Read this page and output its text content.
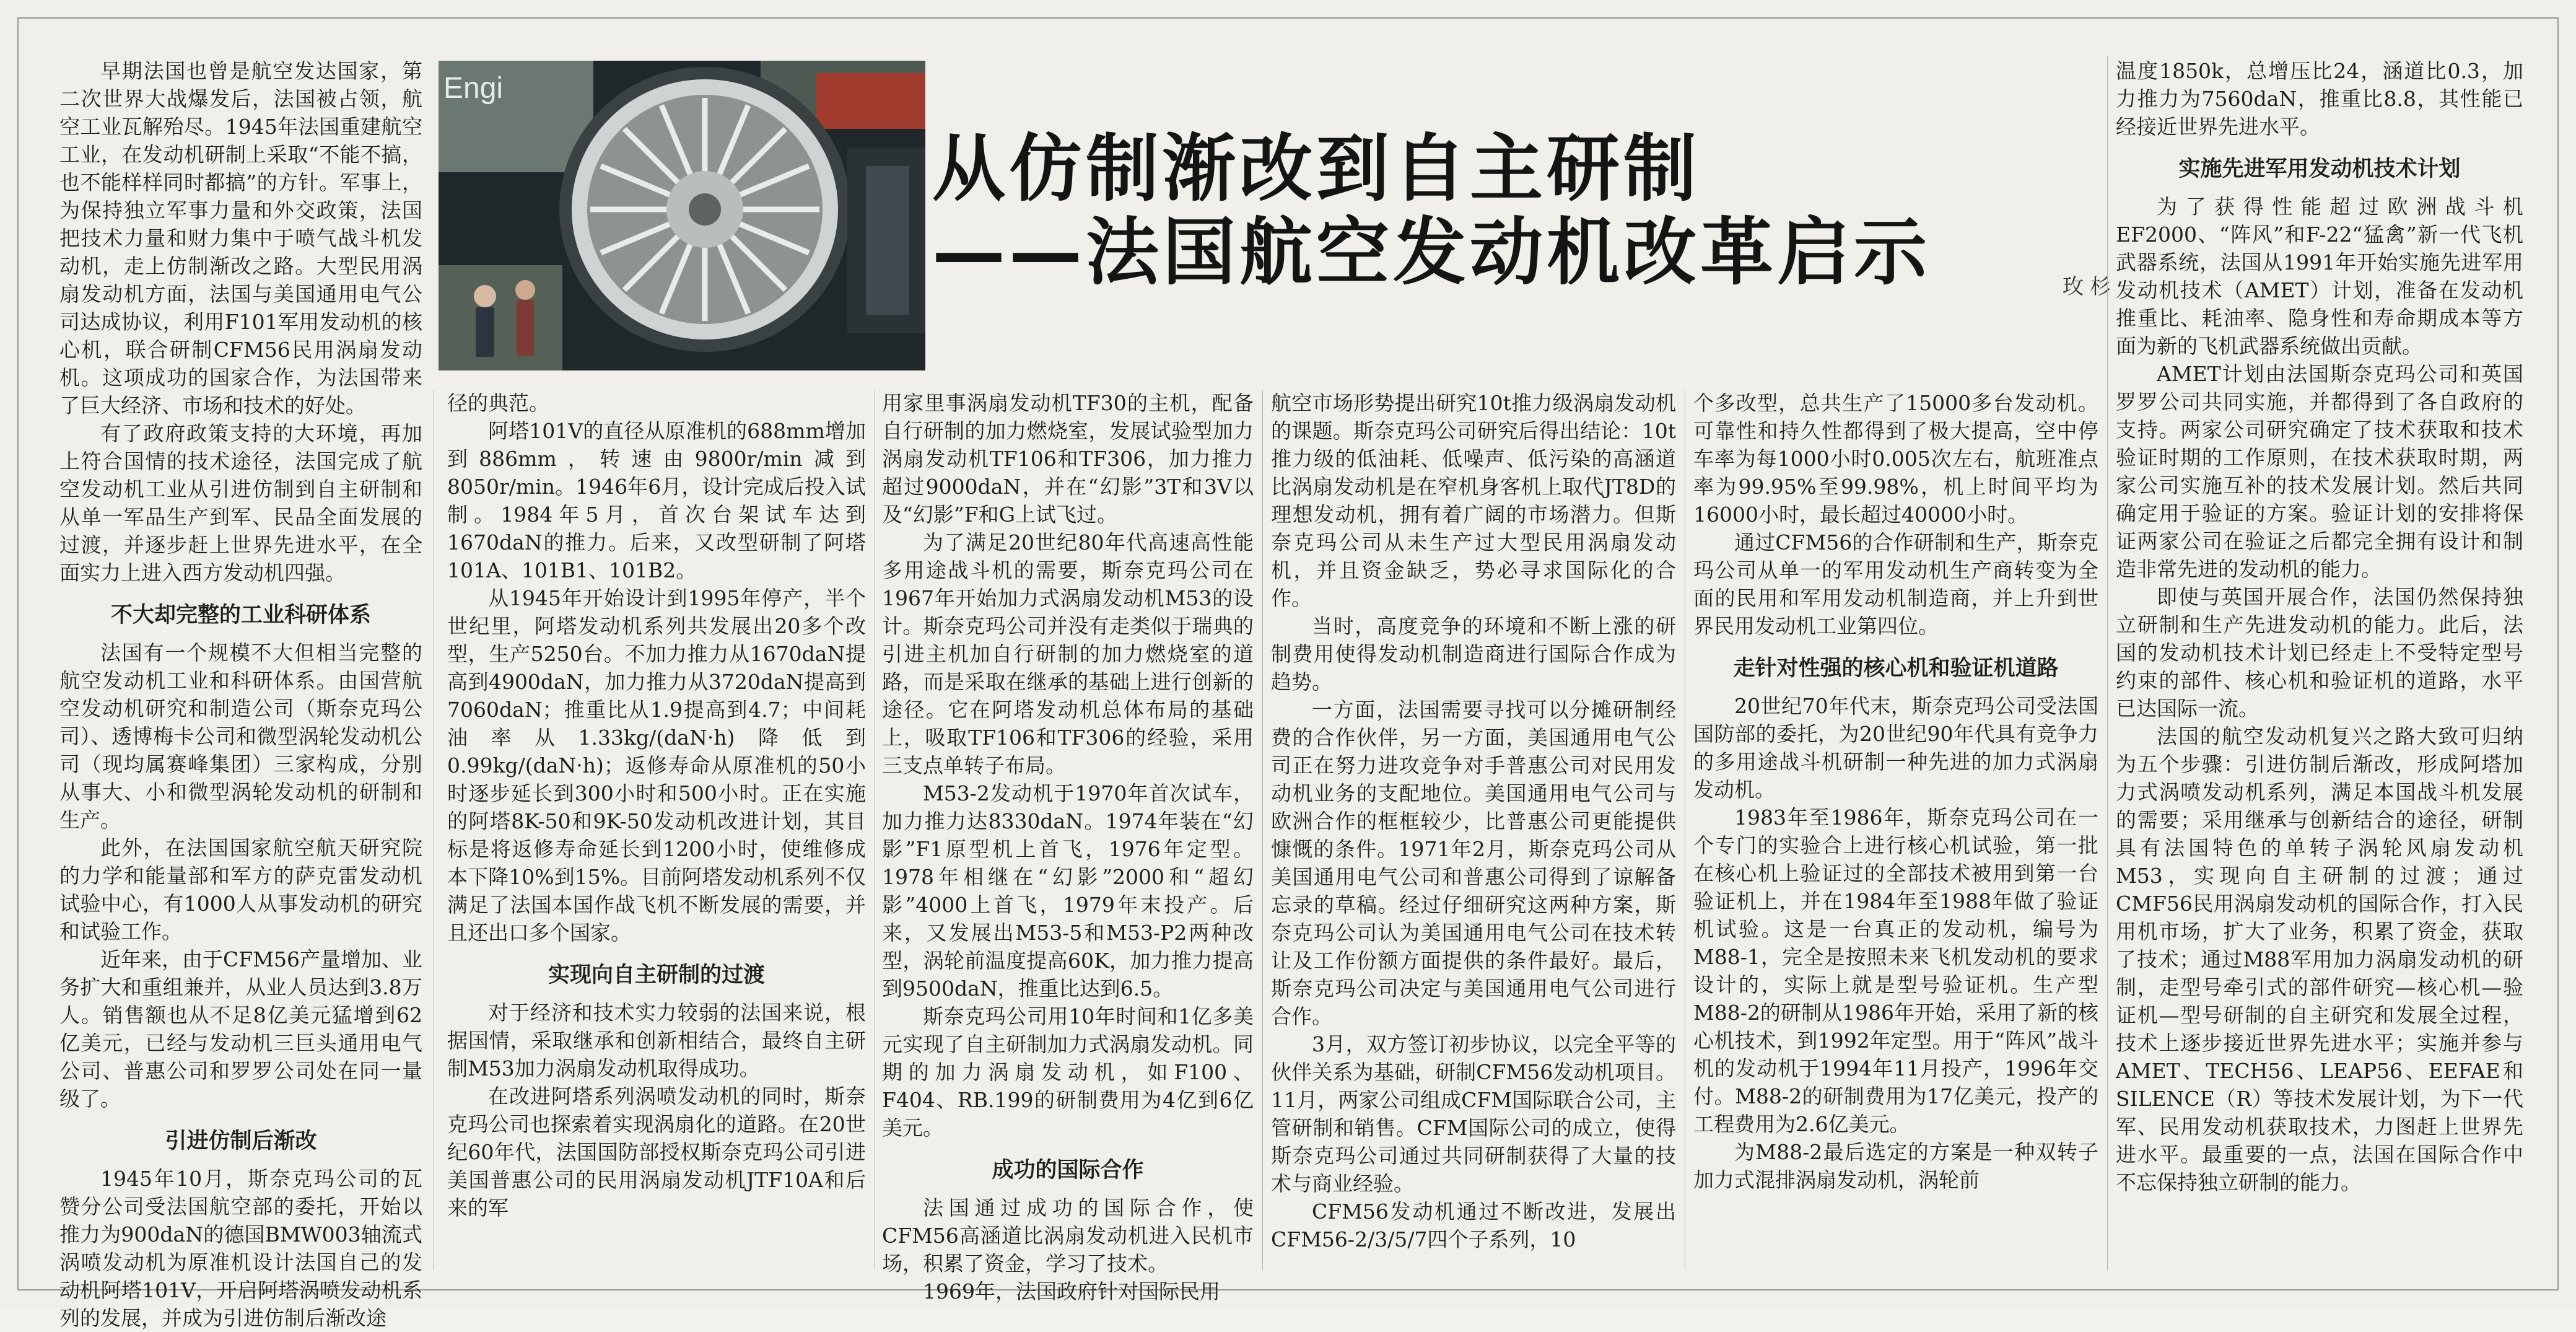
Engi
从仿制渐改到自主研制
——法国航空发动机改革启示	玫杉

早期法国也曾是航空发达国家，第二次世界大战爆发后，法国被占领，航空工业瓦解殆尽。1945年法国重建航空工业，在发动机研制上采取“不能不搞，也不能样样同时都搞”的方针。军事上，为保持独立军事力量和外交政策，法国把技术力量和财力集中于喷气战斗机发动机，走上仿制渐改之路。大型民用涡扇发动机方面，法国与美国通用电气公司达成协议，利用F101军用发动机的核心机，联合研制CFM56民用涡扇发动机。这项成功的国家合作，为法国带来了巨大经济、市场和技术的好处。

有了政府政策支持的大环境，再加上符合国情的技术途径，法国完成了航空发动机工业从引进仿制到自主研制和从单一军品生产到军、民品全面发展的过渡，并逐步赶上世界先进水平，在全面实力上进入西方发动机四强。

不大却完整的工业科研体系

法国有一个规模不大但相当完整的航空发动机工业和科研体系。由国营航空发动机研究和制造公司（斯奈克玛公司）、透博梅卡公司和微型涡轮发动机公司（现均属赛峰集团）三家构成，分别从事大、小和微型涡轮发动机的研制和生产。

此外，在法国国家航空航天研究院的力学和能量部和军方的萨克雷发动机试验中心，有1000人从事发动机的研究和试验工作。

近年来，由于CFM56产量增加、业务扩大和重组兼并，从业人员达到3.8万人。销售额也从不足8亿美元猛增到62亿美元，已经与发动机三巨头通用电气公司、普惠公司和罗罗公司处在同一量级了。

引进仿制后渐改

1945年10月，斯奈克玛公司的瓦赞分公司受法国航空部的委托，开始以推力为900daN的德国BMW003轴流式涡喷发动机为原准机设计法国自己的发动机阿塔101V，开启阿塔涡喷发动机系列的发展，并成为引进仿制后渐改途

径的典范。

阿塔101V的直径从原准机的688mm增加到886mm，转速由9800r/min减到8050r/min。1946年6月，设计完成后投入试制。1984年5月，首次台架试车达到1670daN的推力。后来，又改型研制了阿塔101A、101B1、101B2。

从1945年开始设计到1995年停产，半个世纪里，阿塔发动机系列共发展出20多个改型，生产5250台。不加力推力从1670daN提高到4900daN，加力推力从3720daN提高到7060daN；推重比从1.9提高到4.7；中间耗油率从1.33kg/(daN·h)降低到0.99kg/(daN·h)；返修寿命从原准机的50小时逐步延长到300小时和500小时。正在实施的阿塔8K-50和9K-50发动机改进计划，其目标是将返修寿命延长到1200小时，使维修成本下降10%到15%。目前阿塔发动机系列不仅满足了法国本国作战飞机不断发展的需要，并且还出口多个国家。

实现向自主研制的过渡

对于经济和技术实力较弱的法国来说，根据国情，采取继承和创新相结合，最终自主研制M53加力涡扇发动机取得成功。

在改进阿塔系列涡喷发动机的同时，斯奈克玛公司也探索着实现涡扇化的道路。在20世纪60年代，法国国防部授权斯奈克玛公司引进美国普惠公司的民用涡扇发动机JTF10A和后来的军

用家里事涡扇发动机TF30的主机，配备自行研制的加力燃烧室，发展试验型加力涡扇发动机TF106和TF306，加力推力超过9000daN，并在“幻影”3T和3V以及“幻影”F和G上试飞过。

为了满足20世纪80年代高速高性能多用途战斗机的需要，斯奈克玛公司在1967年开始加力式涡扇发动机M53的设计。斯奈克玛公司并没有走类似于瑞典的引进主机加自行研制的加力燃烧室的道路，而是采取在继承的基础上进行创新的途径。它在阿塔发动机总体布局的基础上，吸取TF106和TF306的经验，采用三支点单转子布局。

M53-2发动机于1970年首次试车，加力推力达8330daN。1974年装在“幻影”F1原型机上首飞，1976年定型。1978年相继在“幻影”2000和“超幻影”4000上首飞，1979年末投产。后来，又发展出M53-5和M53-P2两种改型，涡轮前温度提高60K，加力推力提高到9500daN，推重比达到6.5。

斯奈克玛公司用10年时间和1亿多美元实现了自主研制加力式涡扇发动机。同期的加力涡扇发动机，如F100、F404、RB.199的研制费用为4亿到6亿美元。

成功的国际合作

法国通过成功的国际合作，使CFM56高涵道比涡扇发动机进入民机市场，积累了资金，学习了技术。

1969年，法国政府针对国际民用

航空市场形势提出研究10t推力级涡扇发动机的课题。斯奈克玛公司研究后得出结论：10t推力级的低油耗、低噪声、低污染的高涵道比涡扇发动机是在窄机身客机上取代JT8D的理想发动机，拥有着广阔的市场潜力。但斯奈克玛公司从未生产过大型民用涡扇发动机，并且资金缺乏，势必寻求国际化的合作。

当时，高度竞争的环境和不断上涨的研制费用使得发动机制造商进行国际合作成为趋势。

一方面，法国需要寻找可以分摊研制经费的合作伙伴，另一方面，美国通用电气公司正在努力进攻竞争对手普惠公司对民用发动机业务的支配地位。美国通用电气公司与欧洲合作的框框较少，比普惠公司更能提供慷慨的条件。1971年2月，斯奈克玛公司从美国通用电气公司和普惠公司得到了谅解备忘录的草稿。经过仔细研究这两种方案，斯奈克玛公司认为美国通用电气公司在技术转让及工作份额方面提供的条件最好。最后，斯奈克玛公司决定与美国通用电气公司进行合作。

3月，双方签订初步协议，以完全平等的伙伴关系为基础，研制CFM56发动机项目。11月，两家公司组成CFM国际联合公司，主管研制和销售。CFM国际公司的成立，使得斯奈克玛公司通过共同研制获得了大量的技术与商业经验。

CFM56发动机通过不断改进，发展出CFM56-2/3/5/7四个子系列，10

个多改型，总共生产了15000多台发动机。可靠性和持久性都得到了极大提高，空中停车率为每1000小时0.005次左右，航班准点率为99.95%至99.98%，机上时间平均为16000小时，最长超过40000小时。

通过CFM56的合作研制和生产，斯奈克玛公司从单一的军用发动机生产商转变为全面的民用和军用发动机制造商，并上升到世界民用发动机工业第四位。

走针对性强的核心机和验证机道路

20世纪70年代末，斯奈克玛公司受法国国防部的委托，为20世纪90年代具有竞争力的多用途战斗机研制一种先进的加力式涡扇发动机。

1983年至1986年，斯奈克玛公司在一个专门的实验合上进行核心机试验，第一批在核心机上验证过的全部技术被用到第一台验证机上，并在1984年至1988年做了验证机试验。这是一台真正的发动机，编号为M88-1，完全是按照未来飞机发动机的要求设计的，实际上就是型号验证机。生产型M88-2的研制从1986年开始，采用了新的核心机技术，到1992年定型。用于“阵风”战斗机的发动机于1994年11月投产，1996年交付。M88-2的研制费用为17亿美元，投产的工程费用为2.6亿美元。

为M88-2最后选定的方案是一种双转子加力式混排涡扇发动机，涡轮前

温度1850k，总增压比24，涵道比0.3，加力推力为7560daN，推重比8.8，其性能已经接近世界先进水平。

实施先进军用发动机技术计划

为了获得性能超过欧洲战斗机EF2000、“阵风”和F-22“猛禽”新一代飞机武器系统，法国从1991年开始实施先进军用发动机技术（AMET）计划，准备在发动机推重比、耗油率、隐身性和寿命期成本等方面为新的飞机武器系统做出贡献。

AMET计划由法国斯奈克玛公司和英国罗罗公司共同实施，并都得到了各自政府的支持。两家公司研究确定了技术获取和技术验证时期的工作原则，在技术获取时期，两家公司实施互补的技术发展计划。然后共同确定用于验证的方案。验证计划的安排将保证两家公司在验证之后都完全拥有设计和制造非常先进的发动机的能力。

即使与英国开展合作，法国仍然保持独立研制和生产先进发动机的能力。此后，法国的发动机技术计划已经走上不受特定型号约束的部件、核心机和验证机的道路，水平已达国际一流。

法国的航空发动机复兴之路大致可归纳为五个步骤：引进仿制后渐改，形成阿塔加力式涡喷发动机系列，满足本国战斗机发展的需要；采用继承与创新结合的途径，研制具有法国特色的单转子涡轮风扇发动机M53，实现向自主研制的过渡；通过CMF56民用涡扇发动机的国际合作，打入民用机市场，扩大了业务，积累了资金，获取了技术；通过M88军用加力涡扇发动机的研制，走型号牵引式的部件研究—核心机—验证机—型号研制的自主研究和发展全过程，技术上逐步接近世界先进水平；实施并参与AMET、TECH56、LEAP56、EEFAE和SILENCE（R）等技术发展计划，为下一代军、民用发动机获取技术，力图赶上世界先进水平。最重要的一点，法国在国际合作中不忘保持独立研制的能力。
